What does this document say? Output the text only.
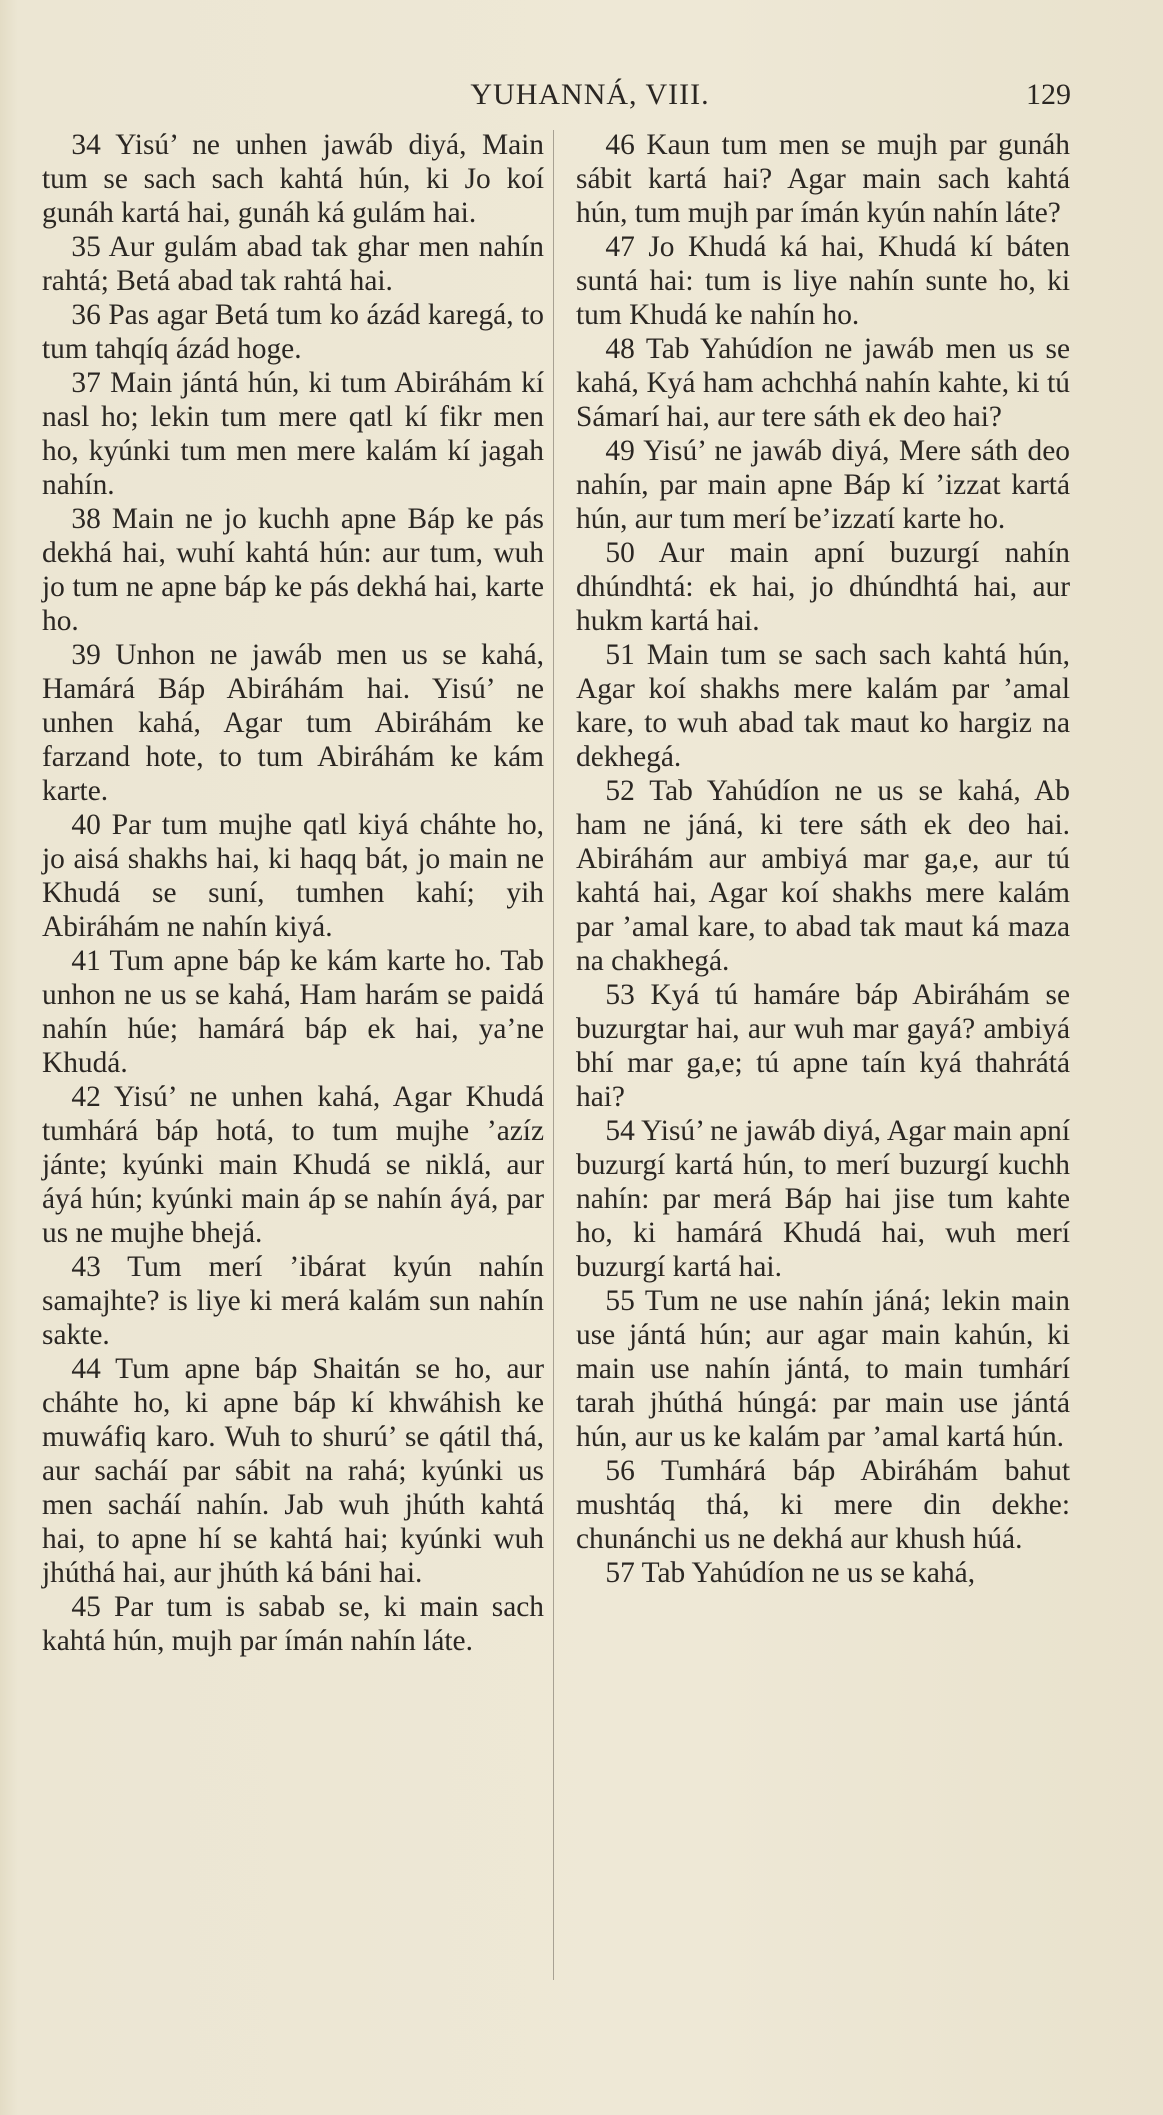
YUHANNÁ, VIII.	129

34 Yisú’ ne unhen jawáb diyá, Main tum se sach sach kahtá hún, ki Jo koí gunáh kartá hai, gunáh ká gulám hai.

35 Aur gulám abad tak ghar men nahín rahtá; Betá abad tak rahtá hai.

36 Pas agar Betá tum ko ázád karegá, to tum tahqíq ázád hoge.

37 Main jántá hún, ki tum Abiráhám kí nasl ho; lekin tum mere qatl kí fikr men ho, kyúnki tum men mere kalám kí jagah nahín.

38 Main ne jo kuchh apne Báp ke pás dekhá hai, wuhí kahtá hún: aur tum, wuh jo tum ne apne báp ke pás dekhá hai, karte ho.

39 Unhon ne jawáb men us se kahá, Hamárá Báp Abiráhám hai. Yisú’ ne unhen kahá, Agar tum Abiráhám ke farzand hote, to tum Abiráhám ke kám karte.

40 Par tum mujhe qatl kiyá cháhte ho, jo aisá shakhs hai, ki haqq bát, jo main ne Khudá se suní, tumhen kahí; yih Abiráhám ne nahín kiyá.

41 Tum apne báp ke kám karte ho. Tab unhon ne us se kahá, Ham harám se paidá nahín húe; hamárá báp ek hai, ya’ne Khudá.

42 Yisú’ ne unhen kahá, Agar Khudá tumhárá báp hotá, to tum mujhe ’azíz jánte; kyúnki main Khudá se niklá, aur áyá hún; kyúnki main áp se nahín áyá, par us ne mujhe bhejá.

43 Tum merí ’ibárat kyún nahín samajhte? is liye ki merá kalám sun nahín sakte.

44 Tum apne báp Shaitán se ho, aur cháhte ho, ki apne báp kí khwáhish ke muwáfiq karo. Wuh to shurú’ se qátil thá, aur sacháí par sábit na rahá; kyúnki us men sacháí nahín. Jab wuh jhúth kahtá hai, to apne hí se kahtá hai; kyúnki wuh jhúthá hai, aur jhúth ká báni hai.

45 Par tum is sabab se, ki main sach kahtá hún, mujh par ímán nahín láte.

46 Kaun tum men se mujh par gunáh sábit kartá hai? Agar main sach kahtá hún, tum mujh par ímán kyún nahín láte?

47 Jo Khudá ká hai, Khudá kí báten suntá hai: tum is liye nahín sunte ho, ki tum Khudá ke nahín ho.

48 Tab Yahúdíon ne jawáb men us se kahá, Kyá ham achchhá nahín kahte, ki tú Sámarí hai, aur tere sáth ek deo hai?

49 Yisú’ ne jawáb diyá, Mere sáth deo nahín, par main apne Báp kí ’izzat kartá hún, aur tum merí be’izzatí karte ho.

50 Aur main apní buzurgí nahín dhúndhtá: ek hai, jo dhúndhtá hai, aur hukm kartá hai.

51 Main tum se sach sach kahtá hún, Agar koí shakhs mere kalám par ’amal kare, to wuh abad tak maut ko hargiz na dekhegá.

52 Tab Yahúdíon ne us se kahá, Ab ham ne jáná, ki tere sáth ek deo hai. Abiráhám aur ambiyá mar ga,e, aur tú kahtá hai, Agar koí shakhs mere kalám par ’amal kare, to abad tak maut ká maza na chakhegá.

53 Kyá tú hamáre báp Abiráhám se buzurgtar hai, aur wuh mar gayá? ambiyá bhí mar ga,e; tú apne taín kyá thahrátá hai?

54 Yisú’ ne jawáb diyá, Agar main apní buzurgí kartá hún, to merí buzurgí kuchh nahín: par merá Báp hai jise tum kahte ho, ki hamárá Khudá hai, wuh merí buzurgí kartá hai.

55 Tum ne use nahín jáná; lekin main use jántá hún; aur agar main kahún, ki main use nahín jántá, to main tumhárí tarah jhúthá húngá: par main use jántá hún, aur us ke kalám par ’amal kartá hún.

56 Tumhárá báp Abiráhám bahut mushtáq thá, ki mere din dekhe: chunánchi us ne dekhá aur khush húá.

57 Tab Yahúdíon ne us se kahá,
